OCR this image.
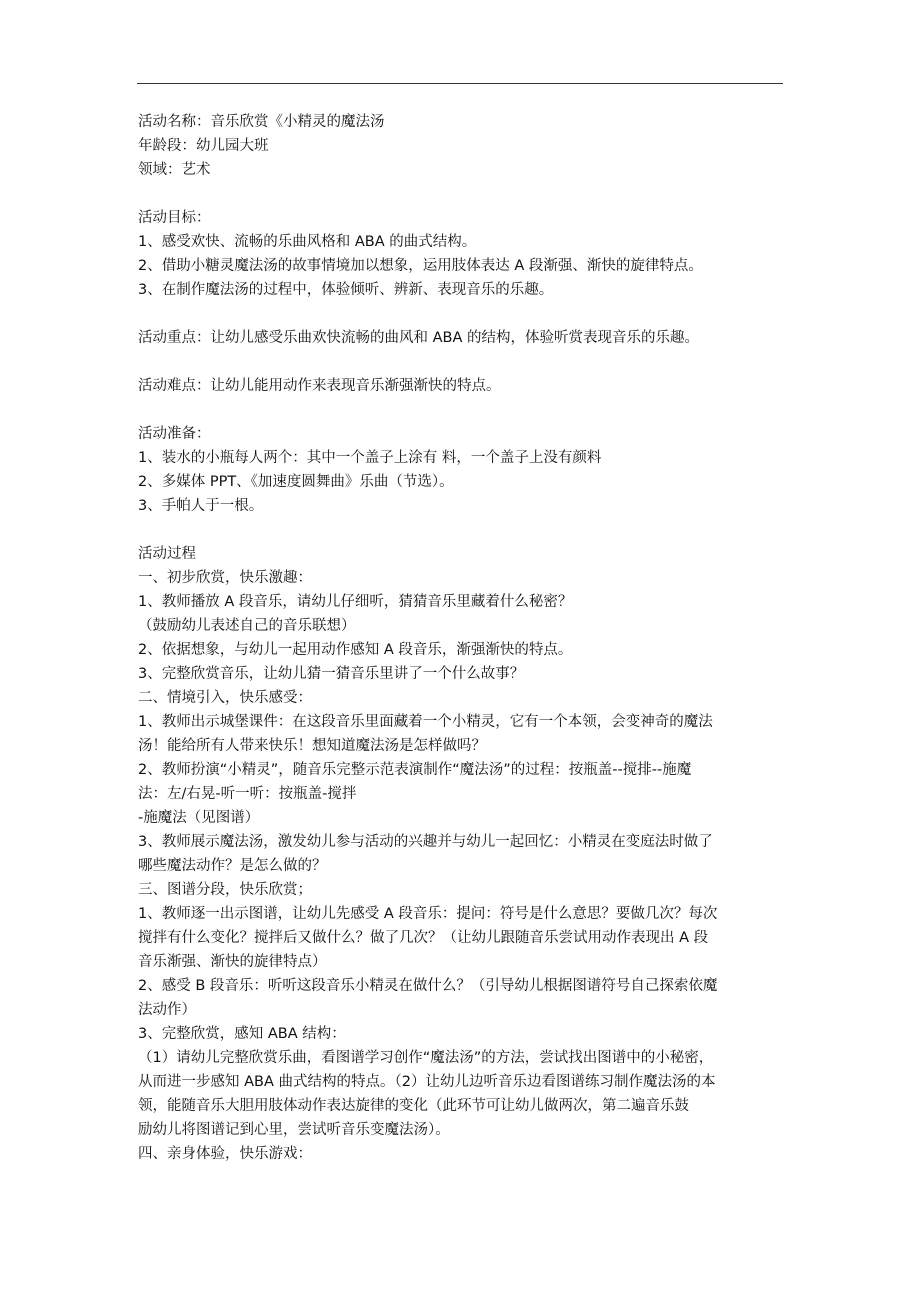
活动名称：音乐欣赏《小精灵的魔法汤

年龄段：幼儿园大班

领域：艺术

活动目标：

1、感受欢快、流畅的乐曲风格和 ABA 的曲式结构。

2、借助小糖灵魔法汤的故事情境加以想象，运用肢体表达 A 段渐强、渐快的旋律特点。

3、在制作魔法汤的过程中，体验倾听、辨新、表现音乐的乐趣。

活动重点：让幼儿感受乐曲欢快流畅的曲风和 ABA 的结构，体验听赏表现音乐的乐趣。

活动难点：让幼儿能用动作来表现音乐渐强渐快的特点。

活动准备：

1、装水的小瓶每人两个：其中一个盖子上涂有 料，一个盖子上没有颜料

2、多媒体 PPT、《加速度圆舞曲》乐曲（节选）。

3、手帕人于一根。

活动过程

一、初步欣赏，快乐激趣：

1、教师播放 A 段音乐，请幼儿仔细听，猜猜音乐里藏着什么秘密？

（鼓励幼儿表述自己的音乐联想）

2、依据想象，与幼儿一起用动作感知 A 段音乐，渐强渐快的特点。

3、完整欣赏音乐，让幼儿猜一猜音乐里讲了一个什么故事？

二、情境引入，快乐感受：

1、教师出示城堡课件：在这段音乐里面藏着一个小精灵，它有一个本领，会变神奇的魔法

汤！能给所有人带来快乐！想知道魔法汤是怎样做吗？

2、教师扮演“小精灵”，随音乐完整示范表演制作“魔法汤”的过程：按瓶盖--搅排--施魔

法：左/右晃-听一听：按瓶盖-搅拌

-施魔法（见图谱）

3、教师展示魔法汤，激发幼儿参与活动的兴趣并与幼儿一起回忆：小精灵在变庭法时做了

哪些魔法动作？是怎么做的？

三、图谱分段，快乐欣赏；

1、教师逐一出示图谱，让幼儿先感受 A 段音乐：提问：符号是什么意思？要做几次？每次

搅拌有什么变化？搅拌后又做什么？做了几次？（让幼儿跟随音乐尝试用动作表现出 A 段

音乐渐强、渐快的旋律特点）

2、感受 B 段音乐：听听这段音乐小精灵在做什么？（引导幼儿根据图谱符号自己探索依魔

法动作）

3、完整欣赏，感知 ABA 结构：

（1）请幼儿完整欣赏乐曲，看图谱学习创作“魔法汤”的方法，尝试找出图谱中的小秘密，

从而进一步感知 ABA 曲式结构的特点。（2）让幼儿边听音乐边看图谱练习制作魔法汤的本

领，能随音乐大胆用肢体动作表达旋律的变化（此环节可让幼儿做两次，第二遍音乐鼓

励幼儿将图谱记到心里，尝试听音乐变魔法汤）。

四、亲身体验，快乐游戏：
